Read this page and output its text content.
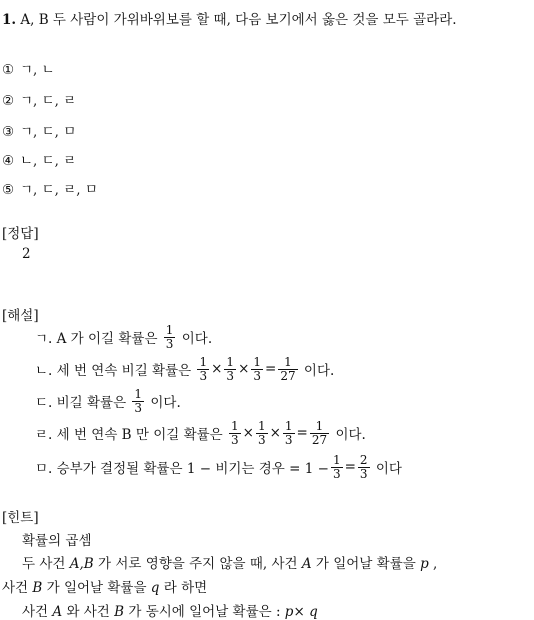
1. A, B 두 사람이 가위바위보를 할 때, 다음 보기에서 옳은 것을 모두 골라라.
① ㄱ, ㄴ
② ㄱ, ㄷ, ㄹ
③ ㄱ, ㄷ, ㅁ
④ ㄴ, ㄷ, ㄹ
⑤ ㄱ, ㄷ, ㄹ, ㅁ
[정답]
2
[해설]
ㄱ. A 가 이길 확률은
$\frac{1}{3}$
이다.
ㄴ. 세 번 연속 비길 확률은
$\frac{1}{3} \times \frac{1}{3} \times \frac{1}{3} = \frac{1}{27}$
이다.
ㄷ. 비길 확률은
$\frac{1}{3}$
이다.
ㄹ. 세 번 연속 B 만 이길 확률은
$\frac{1}{3} \times \frac{1}{3} \times \frac{1}{3} = \frac{1}{27}$
이다.
ㅁ. 승부가 결정될 확률은 1 − 비기는 경우 = $1 - \frac{1}{3} = \frac{2}{3}$
이다
[힌트]
확률의 곱셈
두 사건 A,B 가 서로 영향을 주지 않을 때, 사건 A 가 일어날 확률을 p ,
사건 B 가 일어날 확률을 q 라 하면
사건 A 와 사건 B 가 동시에 일어날 확률은 : p× q
